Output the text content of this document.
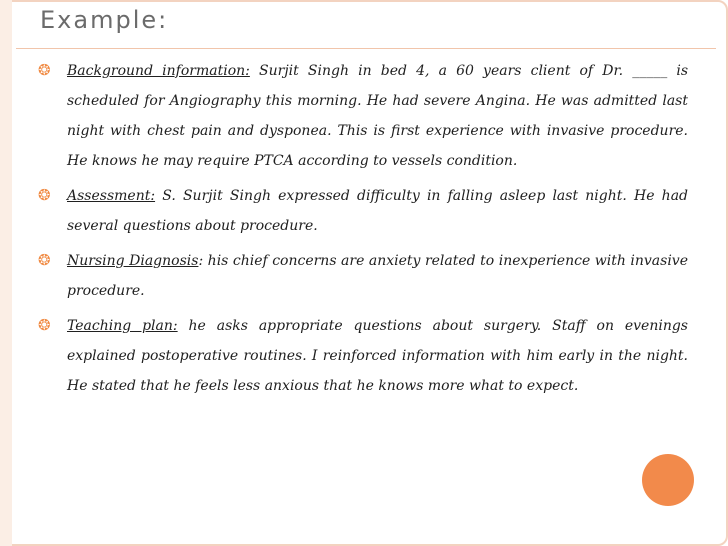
Example:
❂ Background information: Surjit Singh in bed 4, a 60 years client of Dr. _____ is scheduled for Angiography this morning. He had severe Angina. He was admitted last night with chest pain and dysponea. This is first experience with invasive procedure. He knows he may require PTCA according to vessels condition.
❂ Assessment: S. Surjit Singh expressed difficulty in falling asleep last night. He had several questions about procedure.
❂ Nursing Diagnosis: his chief concerns are anxiety related to inexperience with invasive procedure.
❂ Teaching plan: he asks appropriate questions about surgery. Staff on evenings explained postoperative routines. I reinforced information with him early in the night. He stated that he feels less anxious that he knows more what to expect.
